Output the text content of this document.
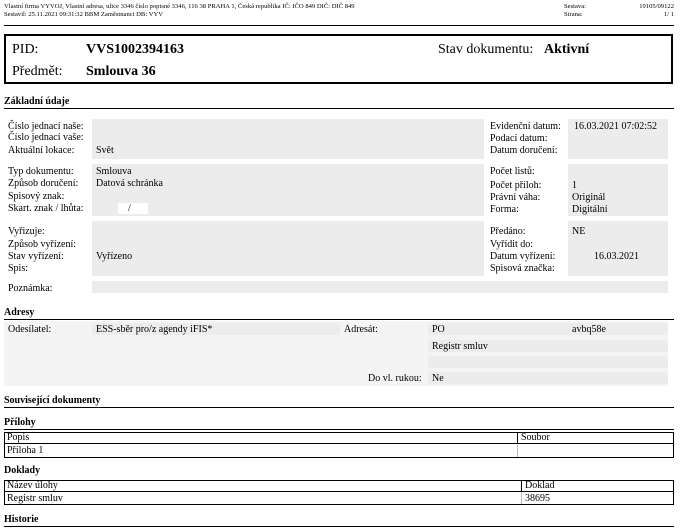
Vlastní firma VYVOJ, Vlastní adresa, ulice 3346 číslo popisné 3346, 116 38 PRAHA 1, Česká republika IČ: IČO 849 DIČ: DIČ 849
Sestavil: 25.11.2021 09:31:32 BBM Zaměstnanci DB: VYV
Sestava:	19105/09122
Strana:	1/ 1
PID:	VVS1002394163	Stav dokumentu: Aktivní
Předmět: Smlouva 36
Základní údaje
Číslo jednací naše:
Číslo jednací vaše:
Aktuální lokace: Svět
Evidenční datum: 16.03.2021 07:02:52
Podací datum:
Datum doručení:
Typ dokumentu: Smlouva
Způsob doručení: Datová schránka
Spisový znak:
Skart. znak / lhůta:	/
Počet listů:
Počet příloh:	1
Právní váha:	Originál
Forma:	Digitální
Vyřizuje:
Způsob vyřízení:
Stav vyřízení:	Vyřízeno
Spis:
Předáno:	NE
Vyřídit do:
Datum vyřízení:	16.03.2021
Spisová značka:
Poznámka:
Adresy
Odesílatel:	ESS-sběr pro/z agendy iFIS*	Adresát:	PO	avbq58e
Registr smluv
Do vl. rukou: Ne
Související dokumenty
Přílohy
Popis	Soubor
Příloha 1
Doklady
Název úlohy	Doklad
Registr smluv	38695
Historie
